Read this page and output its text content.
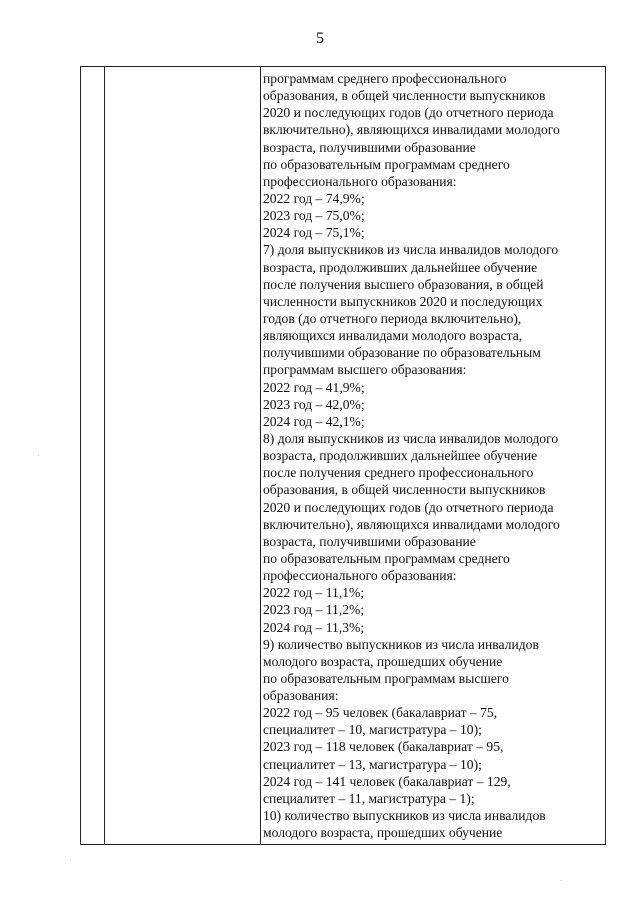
5
программам среднего профессионального
образования, в общей численности выпускников
2020 и последующих годов (до отчетного периода
включительно), являющихся инвалидами молодого
возраста, получившими образование
по образовательным программам среднего
профессионального образования:
2022 год – 74,9%;
2023 год – 75,0%;
2024 год – 75,1%;
7) доля выпускников из числа инвалидов молодого
возраста, продолживших дальнейшее обучение
после получения высшего образования, в общей
численности выпускников 2020 и последующих
годов (до отчетного периода включительно),
являющихся инвалидами молодого возраста,
получившими образование по образовательным
программам высшего образования:
2022 год – 41,9%;
2023 год – 42,0%;
2024 год – 42,1%;
8) доля выпускников из числа инвалидов молодого
возраста, продолживших дальнейшее обучение
после получения среднего профессионального
образования, в общей численности выпускников
2020 и последующих годов (до отчетного периода
включительно), являющихся инвалидами молодого
возраста, получившими образование
по образовательным программам среднего
профессионального образования:
2022 год – 11,1%;
2023 год – 11,2%;
2024 год – 11,3%;
9) количество выпускников из числа инвалидов
молодого возраста, прошедших обучение
по образовательным программам высшего
образования:
2022 год – 95 человек (бакалавриат – 75,
специалитет – 10, магистратура – 10);
2023 год – 118 человек (бакалавриат – 95,
специалитет – 13, магистратура – 10);
2024 год – 141 человек (бакалавриат – 129,
специалитет – 11, магистратура – 1);
10) количество выпускников из числа инвалидов
молодого возраста, прошедших обучение
